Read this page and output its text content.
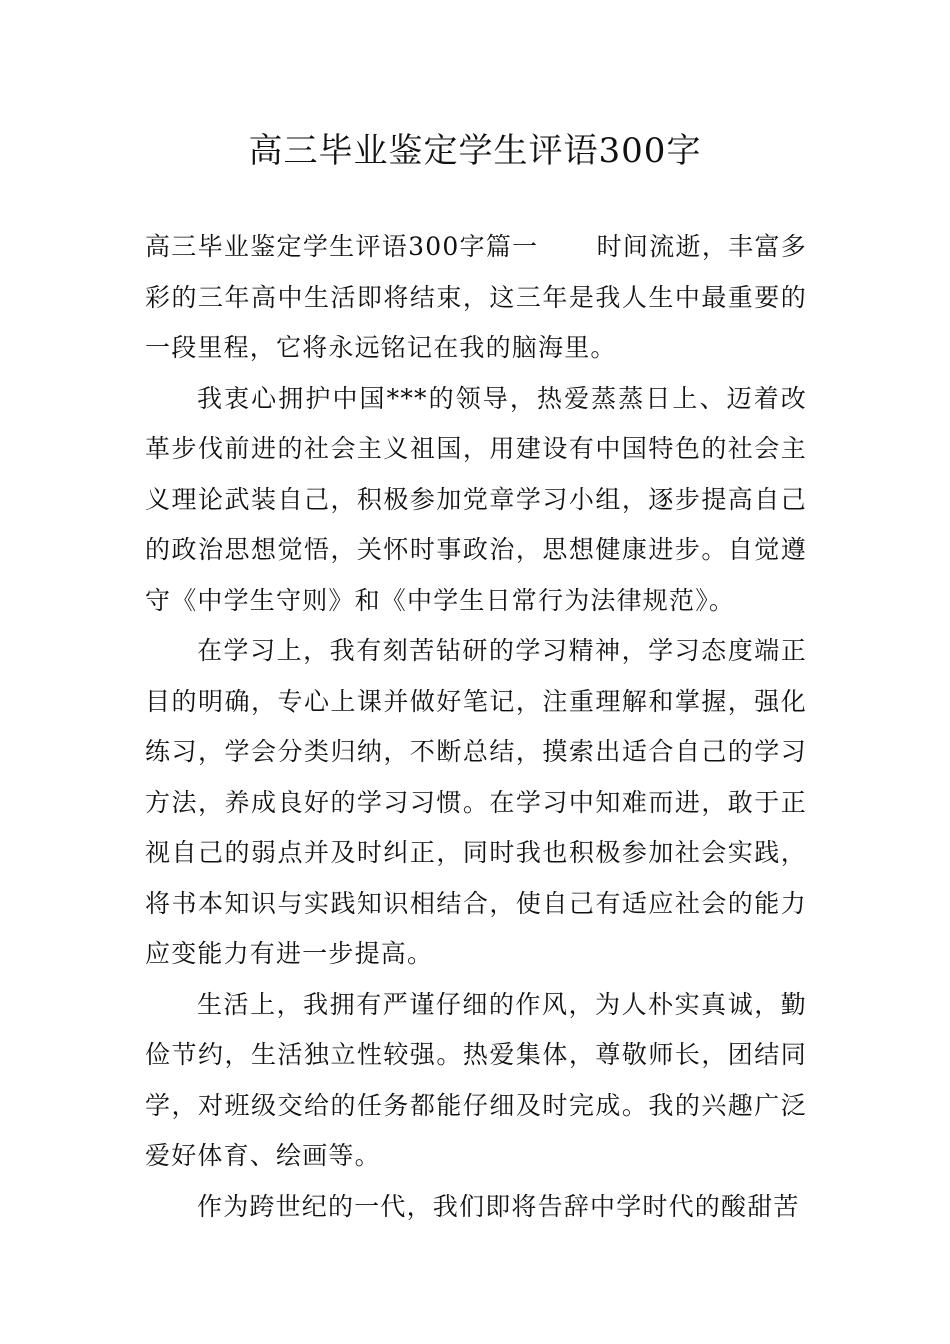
高三毕业鉴定学生评语300字

高三毕业鉴定学生评语300字篇一 时间流逝，丰富多彩的三年高中生活即将结束，这三年是我人生中最重要的一段里程，它将永远铭记在我的脑海里。

我衷心拥护中国***的领导，热爱蒸蒸日上、迈着改革步伐前进的社会主义祖国，用建设有中国特色的社会主义理论武装自己，积极参加党章学习小组，逐步提高自己的政治思想觉悟，关怀时事政治，思想健康进步。自觉遵守《中学生守则》和《中学生日常行为法律规范》。

在学习上，我有刻苦钻研的学习精神，学习态度端正目的明确，专心上课并做好笔记，注重理解和掌握，强化练习，学会分类归纳，不断总结，摸索出适合自己的学习方法，养成良好的学习习惯。在学习中知难而进，敢于正视自己的弱点并及时纠正，同时我也积极参加社会实践，将书本知识与实践知识相结合，使自己有适应社会的能力应变能力有进一步提高。

生活上，我拥有严谨仔细的作风，为人朴实真诚，勤俭节约，生活独立性较强。热爱集体，尊敬师长，团结同学，对班级交给的任务都能仔细及时完成。我的兴趣广泛爱好体育、绘画等。

作为跨世纪的一代，我们即将告辞中学时代的酸甜苦
